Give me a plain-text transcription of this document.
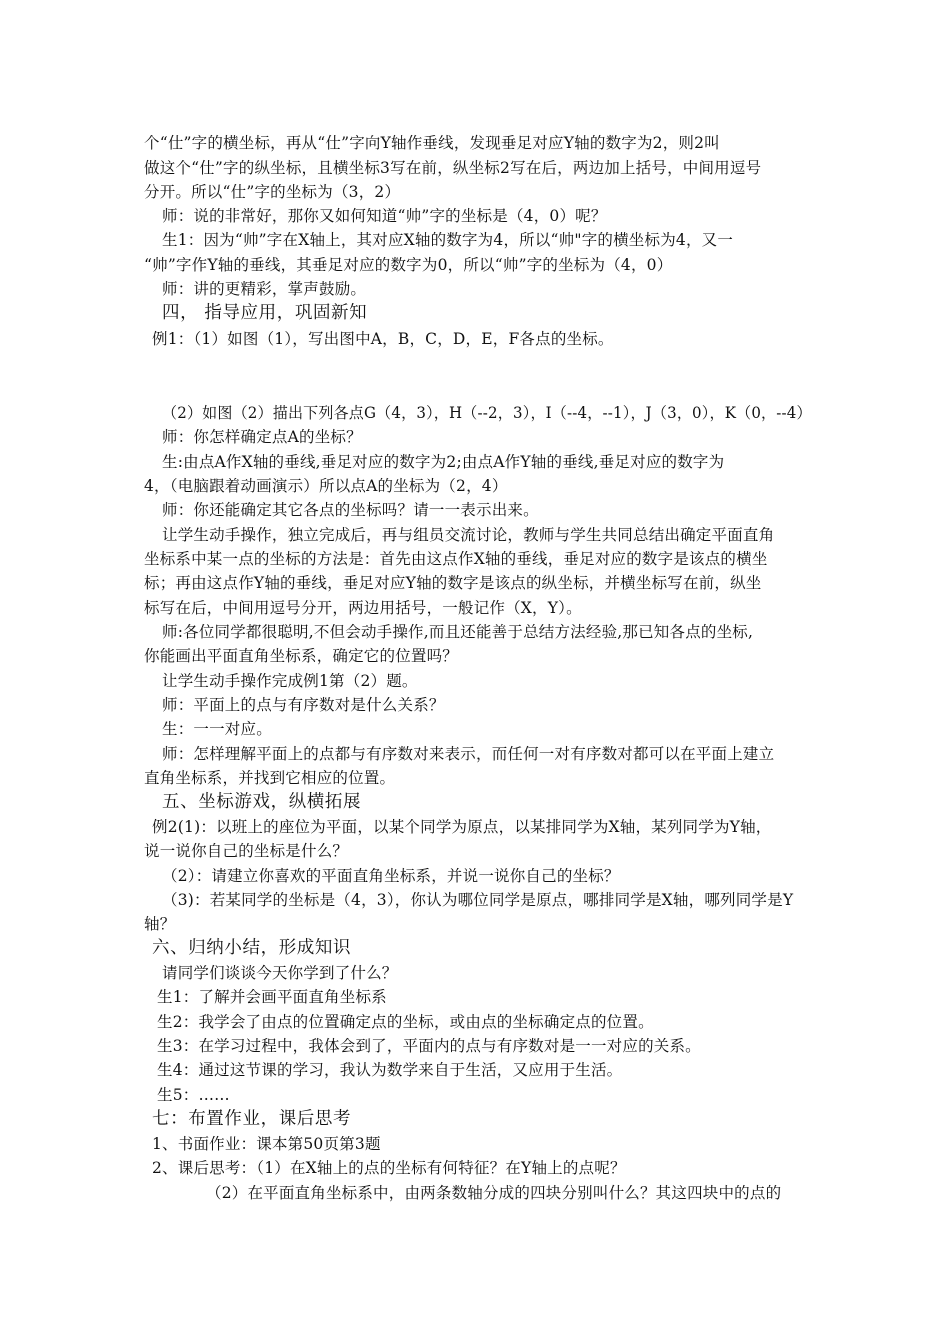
个“仕”字的横坐标，再从“仕”字向Y轴作垂线，发现垂足对应Y轴的数字为2，则2叫
做这个“仕”字的纵坐标，且横坐标3写在前，纵坐标2写在后，两边加上括号，中间用逗号
分开。所以“仕”字的坐标为（3，2）
师：说的非常好，那你又如何知道“帅”字的坐标是（4，0）呢？
生1：因为“帅”字在X轴上，其对应X轴的数字为4，所以“帅"字的横坐标为4，又一
“帅”字作Y轴的垂线，其垂足对应的数字为0，所以“帅”字的坐标为（4，0）
师：讲的更精彩，掌声鼓励。
四， 指导应用，巩固新知
例1：（1）如图（1），写出图中A，B，C，D，E，F各点的坐标。
（2）如图（2）描出下列各点G（4，3），H（--2，3），I（--4，--1），J（3，0），K（0，--4）
师：你怎样确定点A的坐标？
生:由点A作X轴的垂线,垂足对应的数字为2;由点A作Y轴的垂线,垂足对应的数字为
4，（电脑跟着动画演示）所以点A的坐标为（2，4）
师：你还能确定其它各点的坐标吗？请一一表示出来。
让学生动手操作，独立完成后，再与组员交流讨论，教师与学生共同总结出确定平面直角
坐标系中某一点的坐标的方法是：首先由这点作X轴的垂线，垂足对应的数字是该点的横坐
标；再由这点作Y轴的垂线，垂足对应Y轴的数字是该点的纵坐标，并横坐标写在前，纵坐
标写在后，中间用逗号分开，两边用括号，一般记作（X，Y）。
师:各位同学都很聪明,不但会动手操作,而且还能善于总结方法经验,那已知各点的坐标,
你能画出平面直角坐标系，确定它的位置吗？
让学生动手操作完成例1第（2）题。
师：平面上的点与有序数对是什么关系？
生：一一对应。
师：怎样理解平面上的点都与有序数对来表示，而任何一对有序数对都可以在平面上建立
直角坐标系，并找到它相应的位置。
五、坐标游戏，纵横拓展
例2(1)：以班上的座位为平面，以某个同学为原点，以某排同学为X轴，某列同学为Y轴，
说一说你自己的坐标是什么？
（2）：请建立你喜欢的平面直角坐标系，并说一说你自己的坐标？
（3)：若某同学的坐标是（4，3），你认为哪位同学是原点，哪排同学是X轴，哪列同学是Y
轴？
六、归纳小结，形成知识
请同学们谈谈今天你学到了什么？
生1：了解并会画平面直角坐标系
生2：我学会了由点的位置确定点的坐标，或由点的坐标确定点的位置。
生3：在学习过程中，我体会到了，平面内的点与有序数对是一一对应的关系。
生4：通过这节课的学习，我认为数学来自于生活，又应用于生活。
生5：……
七：布置作业，课后思考
1、书面作业：课本第50页第3题
2、课后思考：（1）在X轴上的点的坐标有何特征？在Y轴上的点呢？
（2）在平面直角坐标系中，由两条数轴分成的四块分别叫什么？其这四块中的点的
